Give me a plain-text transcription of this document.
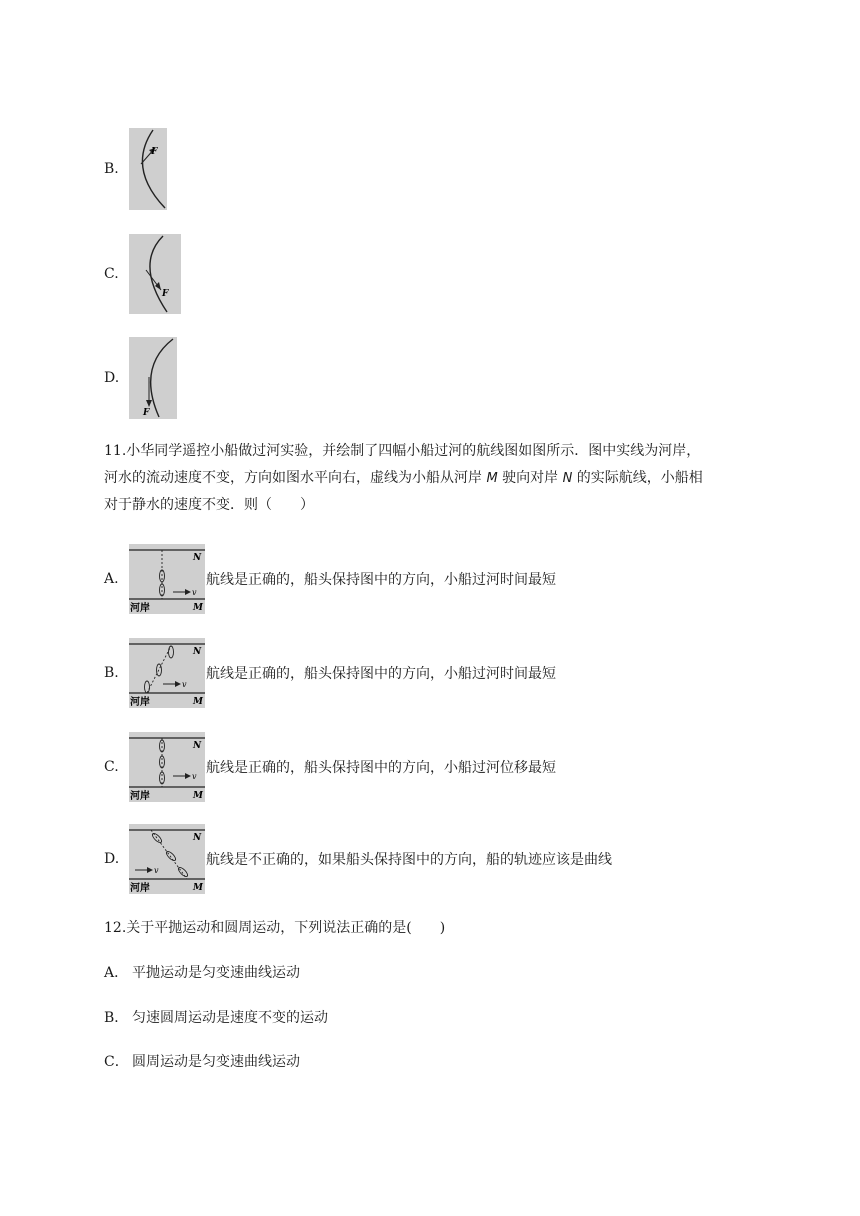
B.
F
C.
F
D.
F
11.小华同学遥控小船做过河实验，并绘制了四幅小船过河的航线图如图所示．图中实线为河岸，
河水的流动速度不变，方向如图水平向右，虚线为小船从河岸 M 驶向对岸 N 的实际航线，小船相
对于静水的速度不变．则（　　）
A.
N
v
河岸	M
航线是正确的，船头保持图中的方向，小船过河时间最短
B.
N
v
河岸	M
航线是正确的，船头保持图中的方向，小船过河时间最短
C.
N
v
河岸	M
航线是正确的，船头保持图中的方向，小船过河位移最短
D.
N
v
河岸	M
航线是不正确的，如果船头保持图中的方向，船的轨迹应该是曲线
12.关于平抛运动和圆周运动，下列说法正确的是(　　)
A． 平抛运动是匀变速曲线运动
B． 匀速圆周运动是速度不变的运动
C． 圆周运动是匀变速曲线运动
